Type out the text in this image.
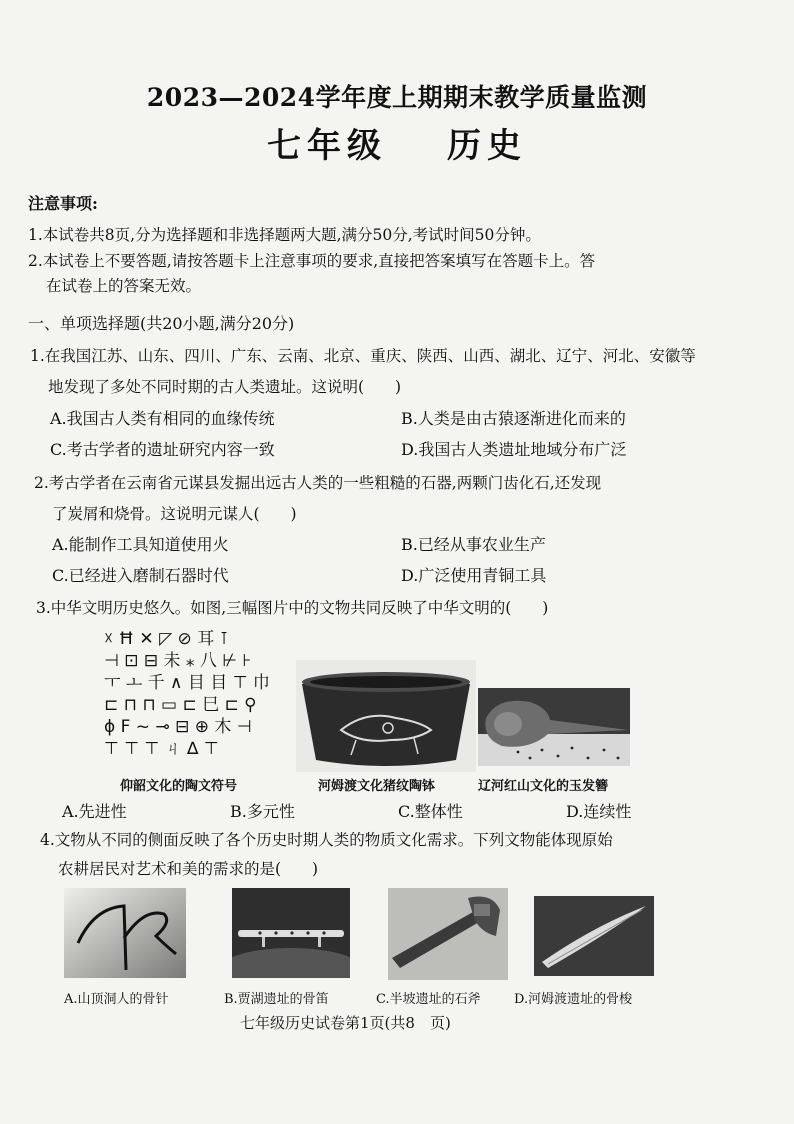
2023—2024学年度上期期末教学质量监测
七年级 历史
注意事项:
1.本试卷共8页,分为选择题和非选择题两大题,满分50分,考试时间50分钟。
2.本试卷上不要答题,请按答题卡上注意事项的要求,直接把答案填写在答题卡上。答
在试卷上的答案无效。
一、单项选择题(共20小题,满分20分)
1.在我国江苏、山东、四川、广东、云南、北京、重庆、陕西、山西、湖北、辽宁、河北、安徽等
地发现了多处不同时期的古人类遗址。这说明(　　)
A.我国古人类有相同的血缘传统	B.人类是由古猿逐渐进化而来的
C.考古学者的遗址研究内容一致	D.我国古人类遗址地域分布广泛
2.考古学者在云南省元谋县发掘出远古人类的一些粗糙的石器,两颗门齿化石,还发现
了炭屑和烧骨。这说明元谋人(　　)
A.能制作工具知道使用火	B.已经从事农业生产
C.已经进入磨制石器时代	D.广泛使用青铜工具
3.中华文明历史悠久。如图,三幅图片中的文物共同反映了中华文明的(　　)
☓ Ħ ✕ ◸ ⊘ 耳 ⊺
⊣ ⊡ ⊟ 未 ⁎ 八 ⊬ ⊦
ㅜ ㅗ 千 ∧ 目 目 ⊤ 巾
⊏ ⊓ ⊓ ▭ ⊏ 巳 ⊏ ⚲
ϕ Ϝ ~ ⊸ ⊟ ⊕ 木 ⊣
⊤ ⊤ ⊤ ㄐ ∆ ⊤
仰韶文化的陶文符号	河姆渡文化猪纹陶钵	辽河红山文化的玉发簪
A.先进性	B.多元性	C.整体性	D.连续性
4.文物从不同的侧面反映了各个历史时期人类的物质文化需求。下列文物能体现原始
农耕居民对艺术和美的需求的是(　　)
A.山顶洞人的骨针	B.贾湖遗址的骨笛	C.半坡遗址的石斧	D.河姆渡遗址的骨梭
七年级历史试卷第1页(共8　页)
